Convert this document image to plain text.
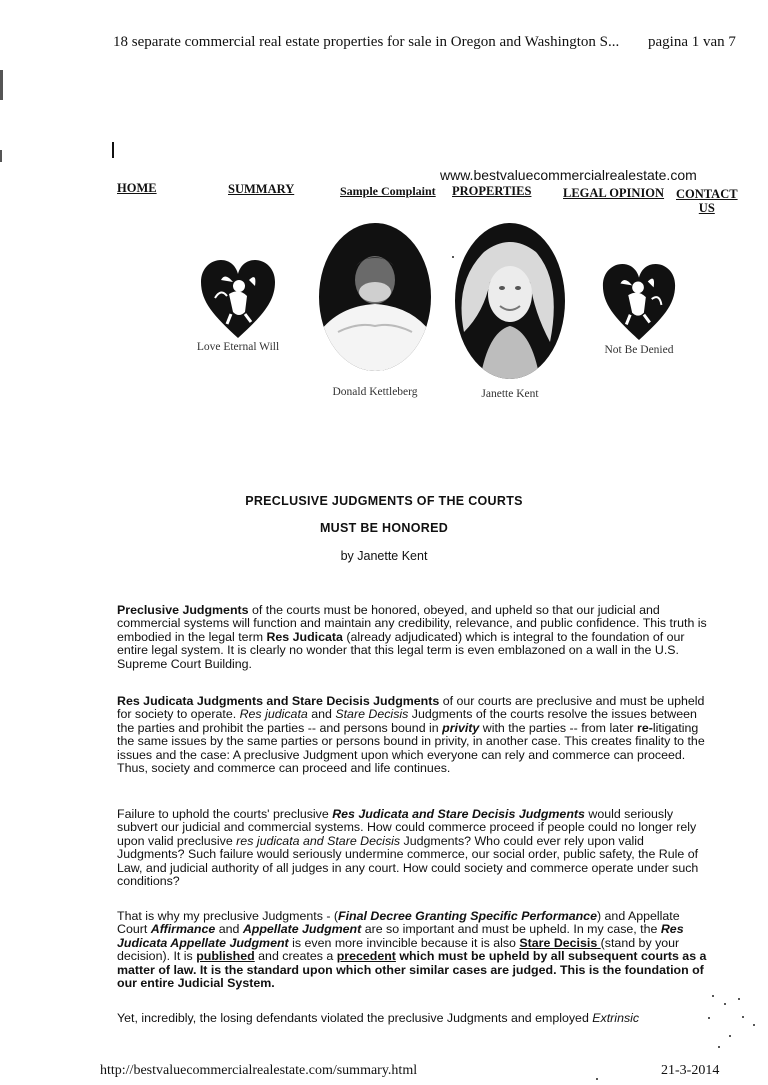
18 separate commercial real estate properties for sale in Oregon and Washington S... pagina 1 van 7
www.bestvaluecommercialrealestate.com
HOME	SUMMARY	Sample Complaint PROPERTIES	LEGAL OPINION CONTACT
US
Love Eternal Will
Donald Kettleberg	Janette Kent
Not Be Denied
PRECLUSIVE JUDGMENTS OF THE COURTS
MUST BE HONORED
by Janette Kent
Preclusive Judgments of the courts must be honored, obeyed, and upheld so that our judicial and commercial systems will function and maintain any credibility, relevance, and public confidence. This truth is embodied in the legal term Res Judicata (already adjudicated) which is integral to the foundation of our entire legal system. It is clearly no wonder that this legal term is even emblazoned on a wall in the U.S. Supreme Court Building.
Res Judicata Judgments and Stare Decisis Judgments of our courts are preclusive and must be upheld for society to operate. Res judicata and Stare Decisis Judgments of the courts resolve the issues between the parties and prohibit the parties -- and persons bound in privity with the parties -- from later re-litigating the same issues by the same parties or persons bound in privity, in another case. This creates finality to the issues and the case: A preclusive Judgment upon which everyone can rely and commerce can proceed. Thus, society and commerce can proceed and life continues.
Failure to uphold the courts' preclusive Res Judicata and Stare Decisis Judgments would seriously subvert our judicial and commercial systems. How could commerce proceed if people could no longer rely upon valid preclusive res judicata and Stare Decisis Judgments? Who could ever rely upon valid Judgments? Such failure would seriously undermine commerce, our social order, public safety, the Rule of Law, and judicial authority of all judges in any court. How could society and commerce operate under such conditions?
That is why my preclusive Judgments - (Final Decree Granting Specific Performance) and Appellate Court Affirmance and Appellate Judgment are so important and must be upheld. In my case, the Res Judicata Appellate Judgment is even more invincible because it is also Stare Decisis (stand by your decision). It is published and creates a precedent which must be upheld by all subsequent courts as a matter of law. It is the standard upon which other similar cases are judged. This is the foundation of our entire Judicial System.
Yet, incredibly, the losing defendants violated the preclusive Judgments and employed Extrinsic
http://bestvaluecommercialrealestate.com/summary.html	21-3-2014
